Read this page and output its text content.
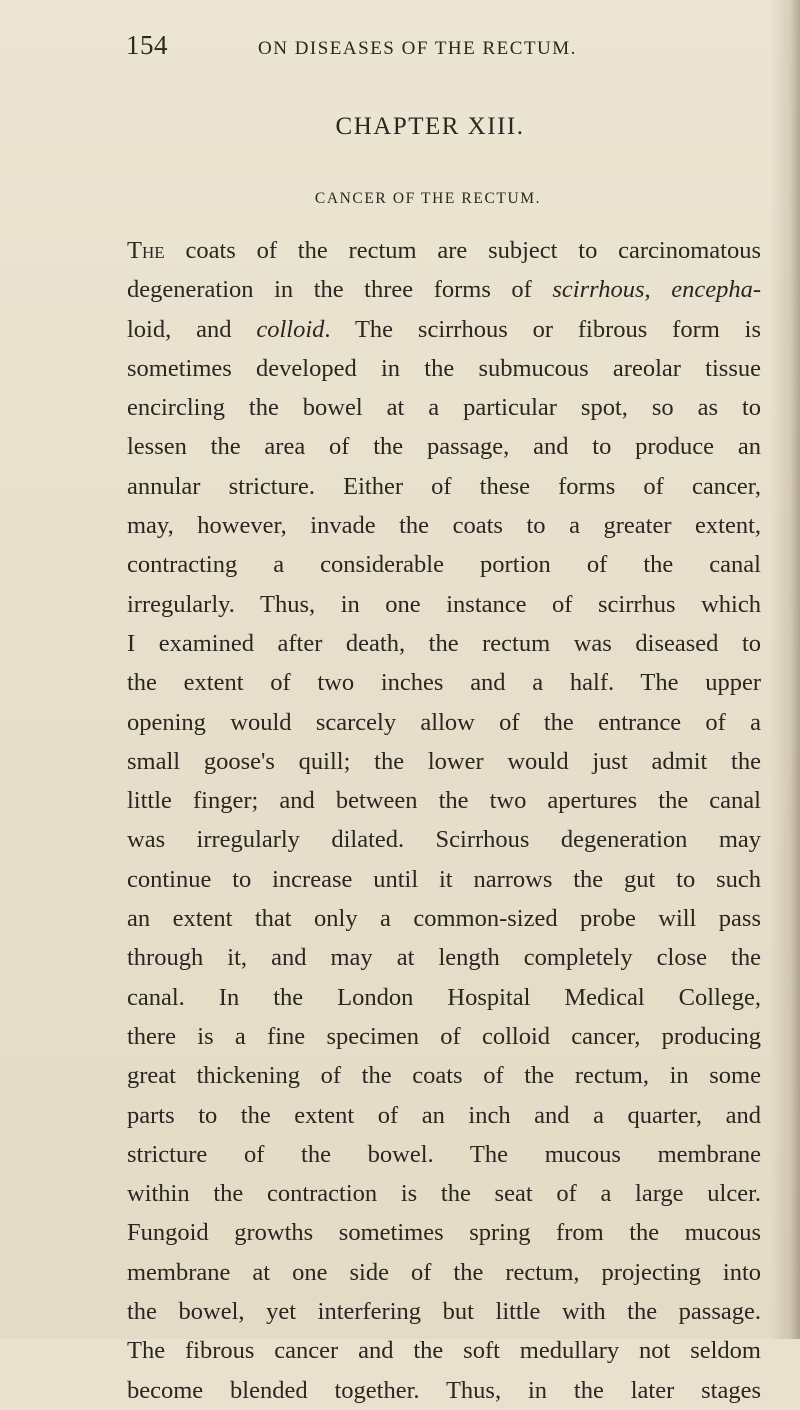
154	ON DISEASES OF THE RECTUM.
CHAPTER XIII.
CANCER OF THE RECTUM.
The coats of the rectum are subject to carcinomatous
degeneration in the three forms of scirrhous, encepha-
loid, and colloid. The scirrhous or fibrous form is
sometimes developed in the submucous areolar tissue
encircling the bowel at a particular spot, so as to
lessen the area of the passage, and to produce an
annular stricture. Either of these forms of cancer,
may, however, invade the coats to a greater extent,
contracting a considerable portion of the canal
irregularly. Thus, in one instance of scirrhus which
I examined after death, the rectum was diseased to
the extent of two inches and a half. The upper
opening would scarcely allow of the entrance of a
small goose's quill; the lower would just admit the
little finger; and between the two apertures the canal
was irregularly dilated. Scirrhous degeneration may
continue to increase until it narrows the gut to such
an extent that only a common-sized probe will pass
through it, and may at length completely close the
canal. In the London Hospital Medical College,
there is a fine specimen of colloid cancer, producing
great thickening of the coats of the rectum, in some
parts to the extent of an inch and a quarter, and
stricture of the bowel. The mucous membrane
within the contraction is the seat of a large ulcer.
Fungoid growths sometimes spring from the mucous
membrane at one side of the rectum, projecting into
the bowel, yet interfering but little with the passage.
The fibrous cancer and the soft medullary not seldom
become blended together. Thus, in the later stages
